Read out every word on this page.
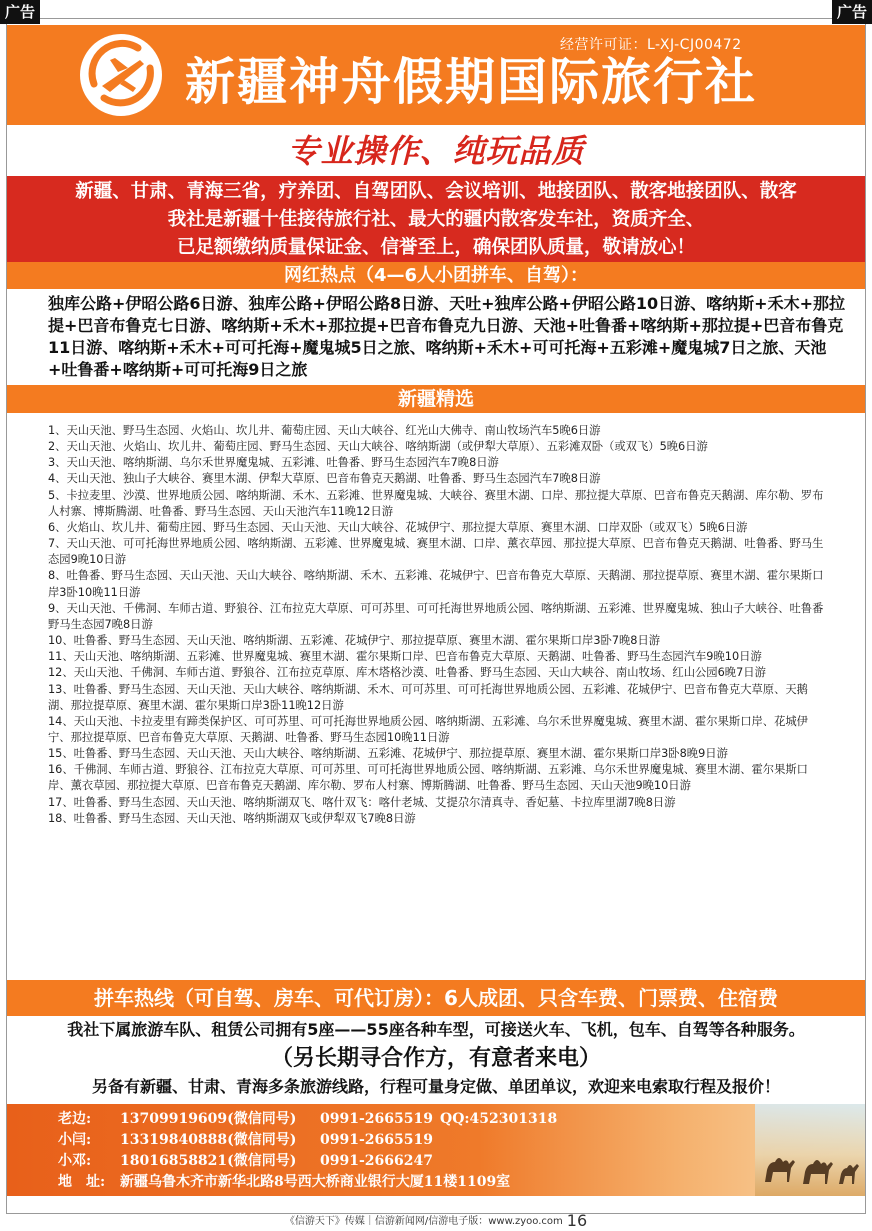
广告	广告
经营许可证：L-XJ-CJ00472
新疆神舟假期国际旅行社
专业操作、纯玩品质
新疆、甘肃、青海三省，疗养团、自驾团队、会议培训、地接团队、散客地接团队、散客
我社是新疆十佳接待旅行社、最大的疆内散客发车社，资质齐全、
已足额缴纳质量保证金、信誉至上，确保团队质量，敬请放心！
网红热点（4—6人小团拼车、自驾）：
独库公路+伊昭公路6日游、独库公路+伊昭公路8日游、天吐+独库公路+伊昭公路10日游、喀纳斯+禾木+那拉提+巴音布鲁克七日游、喀纳斯+禾木+那拉提+巴音布鲁克九日游、天池+吐鲁番+喀纳斯+那拉提+巴音布鲁克11日游、喀纳斯+禾木+可可托海+魔鬼城5日之旅、喀纳斯+禾木+可可托海+五彩滩+魔鬼城7日之旅、天池+吐鲁番+喀纳斯+可可托海9日之旅
新疆精选
1、天山天池、野马生态园、火焰山、坎儿井、葡萄庄园、天山大峡谷、红光山大佛寺、南山牧场汽车5晚6日游
2、天山天池、火焰山、坎儿井、葡萄庄园、野马生态园、天山大峡谷、喀纳斯湖（或伊犁大草原）、五彩滩双卧（或双飞）5晚6日游
3、天山天池、喀纳斯湖、乌尔禾世界魔鬼城、五彩滩、吐鲁番、野马生态园汽车7晚8日游
4、天山天池、独山子大峡谷、赛里木湖、伊犁大草原、巴音布鲁克天鹅湖、吐鲁番、野马生态园汽车7晚8日游
5、卡拉麦里、沙漠、世界地质公园、喀纳斯湖、禾木、五彩滩、世界魔鬼城、大峡谷、赛里木湖、口岸、那拉提大草原、巴音布鲁克天鹅湖、库尔勒、罗布人村寨、博斯腾湖、吐鲁番、野马生态园、天山天池汽车11晚12日游
6、火焰山、坎儿井、葡萄庄园、野马生态园、天山天池、天山大峡谷、花城伊宁、那拉提大草原、赛里木湖、口岸双卧（或双飞）5晚6日游
7、天山天池、可可托海世界地质公园、喀纳斯湖、五彩滩、世界魔鬼城、赛里木湖、口岸、薰衣草园、那拉提大草原、巴音布鲁克天鹅湖、吐鲁番、野马生态园9晚10日游
8、吐鲁番、野马生态园、天山天池、天山大峡谷、喀纳斯湖、禾木、五彩滩、花城伊宁、巴音布鲁克大草原、天鹅湖、那拉提草原、赛里木湖、霍尔果斯口岸3卧10晚11日游
9、天山天池、千佛洞、车师古道、野狼谷、江布拉克大草原、可可苏里、可可托海世界地质公园、喀纳斯湖、五彩滩、世界魔鬼城、独山子大峡谷、吐鲁番野马生态园7晚8日游
10、吐鲁番、野马生态园、天山天池、喀纳斯湖、五彩滩、花城伊宁、那拉提草原、赛里木湖、霍尔果斯口岸3卧7晚8日游
11、天山天池、喀纳斯湖、五彩滩、世界魔鬼城、赛里木湖、霍尔果斯口岸、巴音布鲁克大草原、天鹅湖、吐鲁番、野马生态园汽车9晚10日游
12、天山天池、千佛洞、车师古道、野狼谷、江布拉克草原、库木塔格沙漠、吐鲁番、野马生态园、天山大峡谷、南山牧场、红山公园6晚7日游
13、吐鲁番、野马生态园、天山天池、天山大峡谷、喀纳斯湖、禾木、可可苏里、可可托海世界地质公园、五彩滩、花城伊宁、巴音布鲁克大草原、天鹅湖、那拉提草原、赛里木湖、霍尔果斯口岸3卧11晚12日游
14、天山天池、卡拉麦里有蹄类保护区、可可苏里、可可托海世界地质公园、喀纳斯湖、五彩滩、乌尔禾世界魔鬼城、赛里木湖、霍尔果斯口岸、花城伊宁、那拉提草原、巴音布鲁克大草原、天鹅湖、吐鲁番、野马生态园10晚11日游
15、吐鲁番、野马生态园、天山天池、天山大峡谷、喀纳斯湖、五彩滩、花城伊宁、那拉提草原、赛里木湖、霍尔果斯口岸3卧8晚9日游
16、千佛洞、车师古道、野狼谷、江布拉克大草原、可可苏里、可可托海世界地质公园、喀纳斯湖、五彩滩、乌尔禾世界魔鬼城、赛里木湖、霍尔果斯口岸、薰衣草园、那拉提大草原、巴音布鲁克天鹅湖、库尔勒、罗布人村寨、博斯腾湖、吐鲁番、野马生态园、天山天池9晚10日游
17、吐鲁番、野马生态园、天山天池、喀纳斯湖双飞、喀什双飞：喀什老城、艾提尕尔清真寺、香妃墓、卡拉库里湖7晚8日游
18、吐鲁番、野马生态园、天山天池、喀纳斯湖双飞或伊犁双飞7晚8日游
拼车热线（可自驾、房车、可代订房）：6人成团、只含车费、门票费、住宿费
我社下属旅游车队、租赁公司拥有5座——55座各种车型，可接送火车、飞机，包车、自驾等各种服务。
（另长期寻合作方，有意者来电）
另备有新疆、甘肃、青海多条旅游线路，行程可量身定做、单团单议，欢迎来电索取行程及报价！
老边: 13709919609(微信同号) 0991-2665519 QQ:452301318
小闫: 13319840888(微信同号) 0991-2665519
小邓: 18016858821(微信同号) 0991-2666247
地　址: 新疆乌鲁木齐市新华北路8号西大桥商业银行大厦11楼1109室
《信游天下》传媒｜信游新闻网/信游电子版：www.zyoo.com 16
